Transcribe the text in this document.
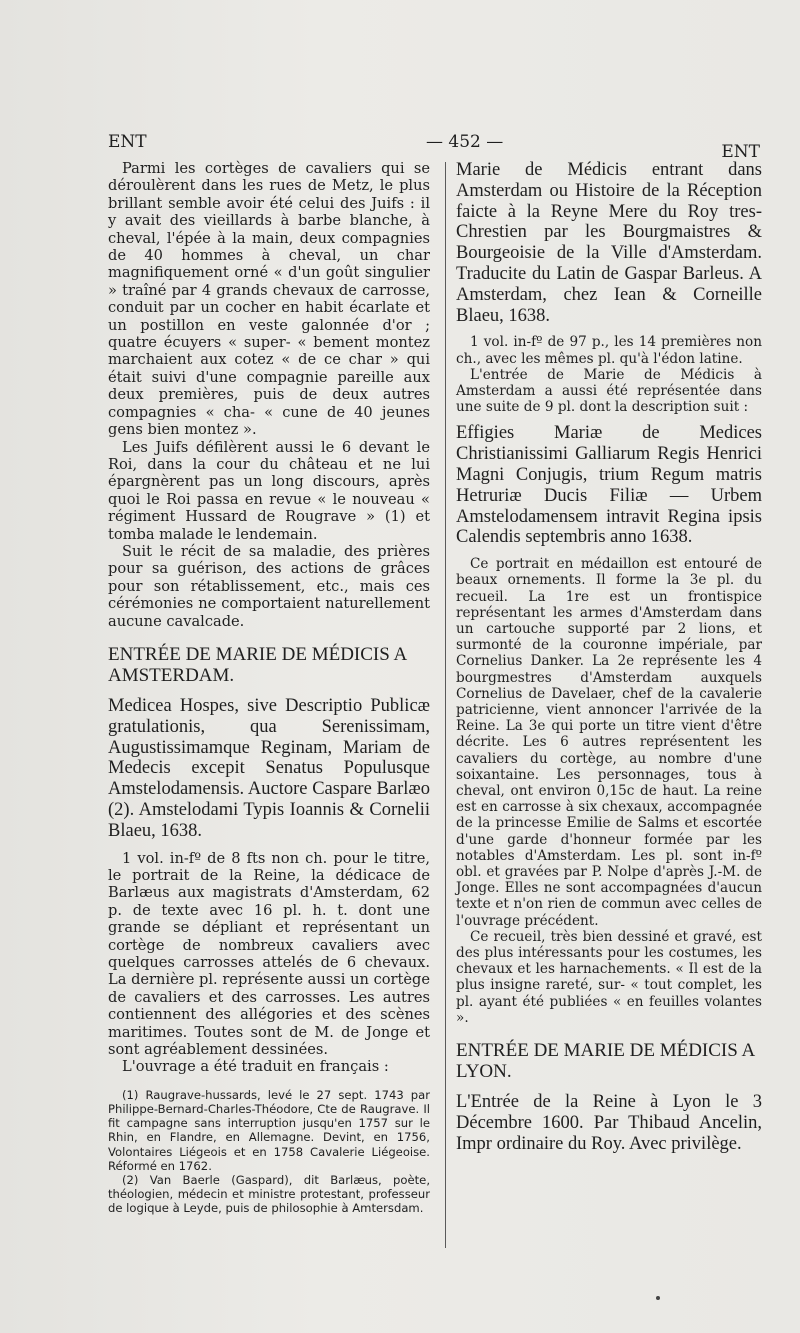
ENT	— 452 —	ENT

Parmi les cortèges de cavaliers qui se déroulèrent dans les rues de Metz, le plus brillant semble avoir été celui des Juifs : il y avait des vieillards à barbe blanche, à cheval, l'épée à la main, deux compagnies de 40 hommes à cheval, un char magnifiquement orné « d'un goût singulier » traîné par 4 grands chevaux de carrosse, conduit par un cocher en habit écarlate et un postillon en veste galonnée d'or ; quatre écuyers « super- « bement montez marchaient aux cotez « de ce char » qui était suivi d'une compagnie pareille aux deux premières, puis de deux autres compagnies « cha- « cune de 40 jeunes gens bien montez ».

Les Juifs défilèrent aussi le 6 devant le Roi, dans la cour du château et ne lui épargnèrent pas un long discours, après quoi le Roi passa en revue « le nouveau « régiment Hussard de Rougrave » (1) et tomba malade le lendemain.

Suit le récit de sa maladie, des prières pour sa guérison, des actions de grâces pour son rétablissement, etc., mais ces cérémonies ne comportaient naturellement aucune cavalcade.

ENTRÉE DE MARIE DE MÉDICIS A AMSTERDAM.

Medicea Hospes, sive Descriptio Publicæ gratulationis, qua Serenissimam, Augustissimamque Reginam, Mariam de Medecis excepit Senatus Populusque Amstelodamensis. Auctore Caspare Barlæo (2). Amstelodami Typis Ioannis & Cornelii Blaeu, 1638.

1 vol. in-fº de 8 fts non ch. pour le titre, le portrait de la Reine, la dédicace de Barlæus aux magistrats d'Amsterdam, 62 p. de texte avec 16 pl. h. t. dont une grande se dépliant et représentant un cortège de nombreux cavaliers avec quelques carrosses attelés de 6 chevaux. La dernière pl. représente aussi un cortège de cavaliers et des carrosses. Les autres contiennent des allégories et des scènes maritimes. Toutes sont de M. de Jonge et sont agréablement dessinées.

L'ouvrage a été traduit en français :

(1) Raugrave-hussards, levé le 27 sept. 1743 par Philippe-Bernard-Charles-Théodore, Cte de Raugrave. Il fit campagne sans interruption jusqu'en 1757 sur le Rhin, en Flandre, en Allemagne. Devint, en 1756, Volontaires Liégeois et en 1758 Cavalerie Liégeoise. Réformé en 1762.

(2) Van Baerle (Gaspard), dit Barlæus, poète, théologien, médecin et ministre protestant, professeur de logique à Leyde, puis de philosophie à Amtersdam.

Marie de Médicis entrant dans Amsterdam ou Histoire de la Réception faicte à la Reyne Mere du Roy tres-Chrestien par les Bourgmaistres & Bourgeoisie de la Ville d'Amsterdam. Traducite du Latin de Gaspar Barleus. A Amsterdam, chez Iean & Corneille Blaeu, 1638.

1 vol. in-fº de 97 p., les 14 premières non ch., avec les mêmes pl. qu'à l'édon latine.

L'entrée de Marie de Médicis à Amsterdam a aussi été représentée dans une suite de 9 pl. dont la description suit :

Effigies Mariæ de Medices Christianissimi Galliarum Regis Henrici Magni Conjugis, trium Regum matris Hetruriæ Ducis Filiæ — Urbem Amstelodamensem intravit Regina ipsis Calendis septembris anno 1638.

Ce portrait en médaillon est entouré de beaux ornements. Il forme la 3e pl. du recueil. La 1re est un frontispice représentant les armes d'Amsterdam dans un cartouche supporté par 2 lions, et surmonté de la couronne impériale, par Cornelius Danker. La 2e représente les 4 bourgmestres d'Amsterdam auxquels Cornelius de Davelaer, chef de la cavalerie patricienne, vient annoncer l'arrivée de la Reine. La 3e qui porte un titre vient d'être décrite. Les 6 autres représentent les cavaliers du cortège, au nombre d'une soixantaine. Les personnages, tous à cheval, ont environ 0,15c de haut. La reine est en carrosse à six chexaux, accompagnée de la princesse Emilie de Salms et escortée d'une garde d'honneur formée par les notables d'Amsterdam. Les pl. sont in-fº obl. et gravées par P. Nolpe d'après J.-M. de Jonge. Elles ne sont accompagnées d'aucun texte et n'on rien de commun avec celles de l'ouvrage précédent.

Ce recueil, très bien dessiné et gravé, est des plus intéressants pour les costumes, les chevaux et les harnachements. « Il est de la plus insigne rareté, sur- « tout complet, les pl. ayant été publiées « en feuilles volantes ».

ENTRÉE DE MARIE DE MÉDICIS A LYON.

L'Entrée de la Reine à Lyon le 3 Décembre 1600. Par Thibaud Ancelin, Impr ordinaire du Roy. Avec privilège.
